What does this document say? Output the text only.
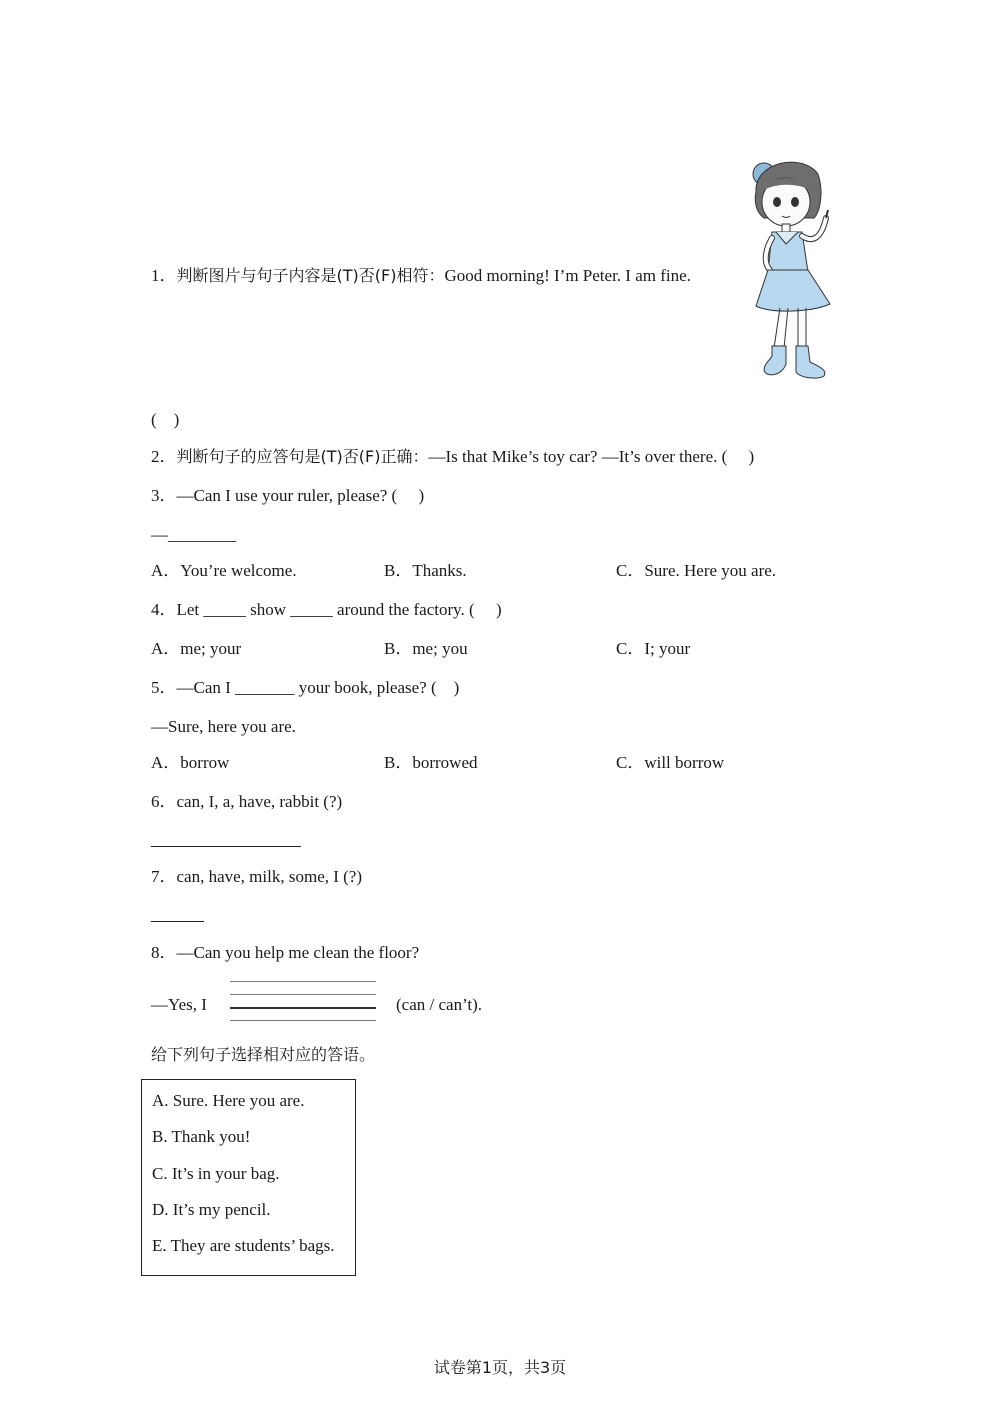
1．判断图片与句子内容是(T)否(F)相符：Good morning! I’m Peter. I am fine.
(　)
2．判断句子的应答句是(T)否(F)正确：—Is that Mike’s toy car? —It’s over there. (　 )
3．—Can I use your ruler, please? (　 )
—________
A．You’re welcome.	B．Thanks.	C．Sure. Here you are.
4．Let _____ show _____ around the factory. (　 )
A．me; your	B．me; you	C．I; your
5．—Can I _______ your book, please? (　)
—Sure, here you are.
A．borrow	B．borrowed	C．will borrow
6．can, I, a, have, rabbit (?)
7．can, have, milk, some, I (?)
8．—Can you help me clean the floor?
—Yes, I	(can / can’t).
给下列句子选择相对应的答语。
A. Sure. Here you are.
B. Thank you!
C. It’s in your bag.
D. It’s my pencil.
E. They are students’ bags.
试卷第1页，共3页
